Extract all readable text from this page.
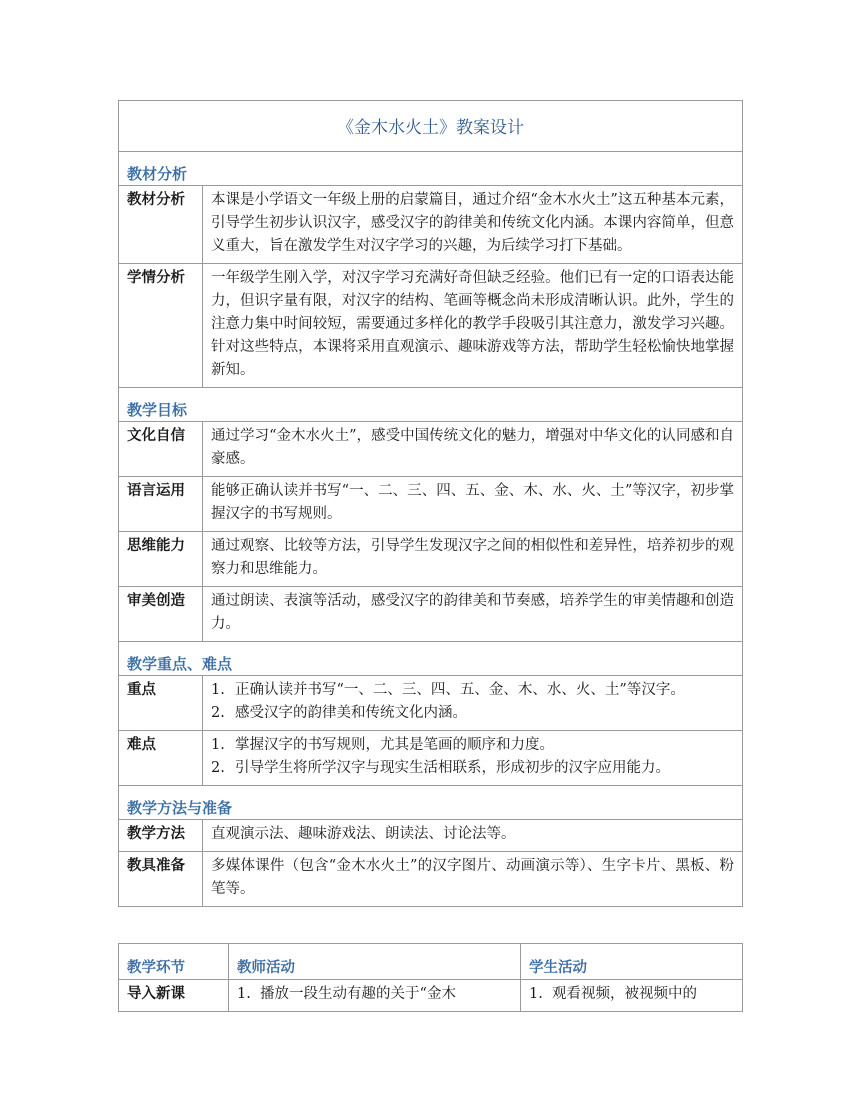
《金木水火土》教案设计	
教材分析	
教材分析	本课是小学语文一年级上册的启蒙篇目，通过介绍“金木水火土”这五种基本元素，引导学生初步认识汉字，感受汉字的韵律美和传统文化内涵。本课内容简单，但意义重大，旨在激发学生对汉字学习的兴趣，为后续学习打下基础。
学情分析	一年级学生刚入学，对汉字学习充满好奇但缺乏经验。他们已有一定的口语表达能力，但识字量有限，对汉字的结构、笔画等概念尚未形成清晰认识。此外，学生的注意力集中时间较短，需要通过多样化的教学手段吸引其注意力，激发学习兴趣。针对这些特点，本课将采用直观演示、趣味游戏等方法，帮助学生轻松愉快地掌握新知。
教学目标	
文化自信	通过学习“金木水火土”，感受中国传统文化的魅力，增强对中华文化的认同感和自豪感。
语言运用	能够正确认读并书写“一、二、三、四、五、金、木、水、火、土”等汉字，初步掌握汉字的书写规则。
思维能力	通过观察、比较等方法，引导学生发现汉字之间的相似性和差异性，培养初步的观察力和思维能力。
审美创造	通过朗读、表演等活动，感受汉字的韵律美和节奏感，培养学生的审美情趣和创造力。
教学重点、难点	
重点	1. 正确认读并书写“一、二、三、四、五、金、木、水、火、土”等汉字。
2. 感受汉字的韵律美和传统文化内涵。

难点	1. 掌握汉字的书写规则，尤其是笔画的顺序和力度。
2. 引导学生将所学汉字与现实生活相联系，形成初步的汉字应用能力。

教学方法与准备	
教学方法	直观演示法、趣味游戏法、朗读法、讨论法等。
教具准备	多媒体课件（包含“金木水火土”的汉字图片、动画演示等）、生字卡片、黑板、粉笔等。
教学环节	教师活动	学生活动
导入新课	1.  播放一段生动有趣的关于“金木	1.  观看视频，被视频中的
